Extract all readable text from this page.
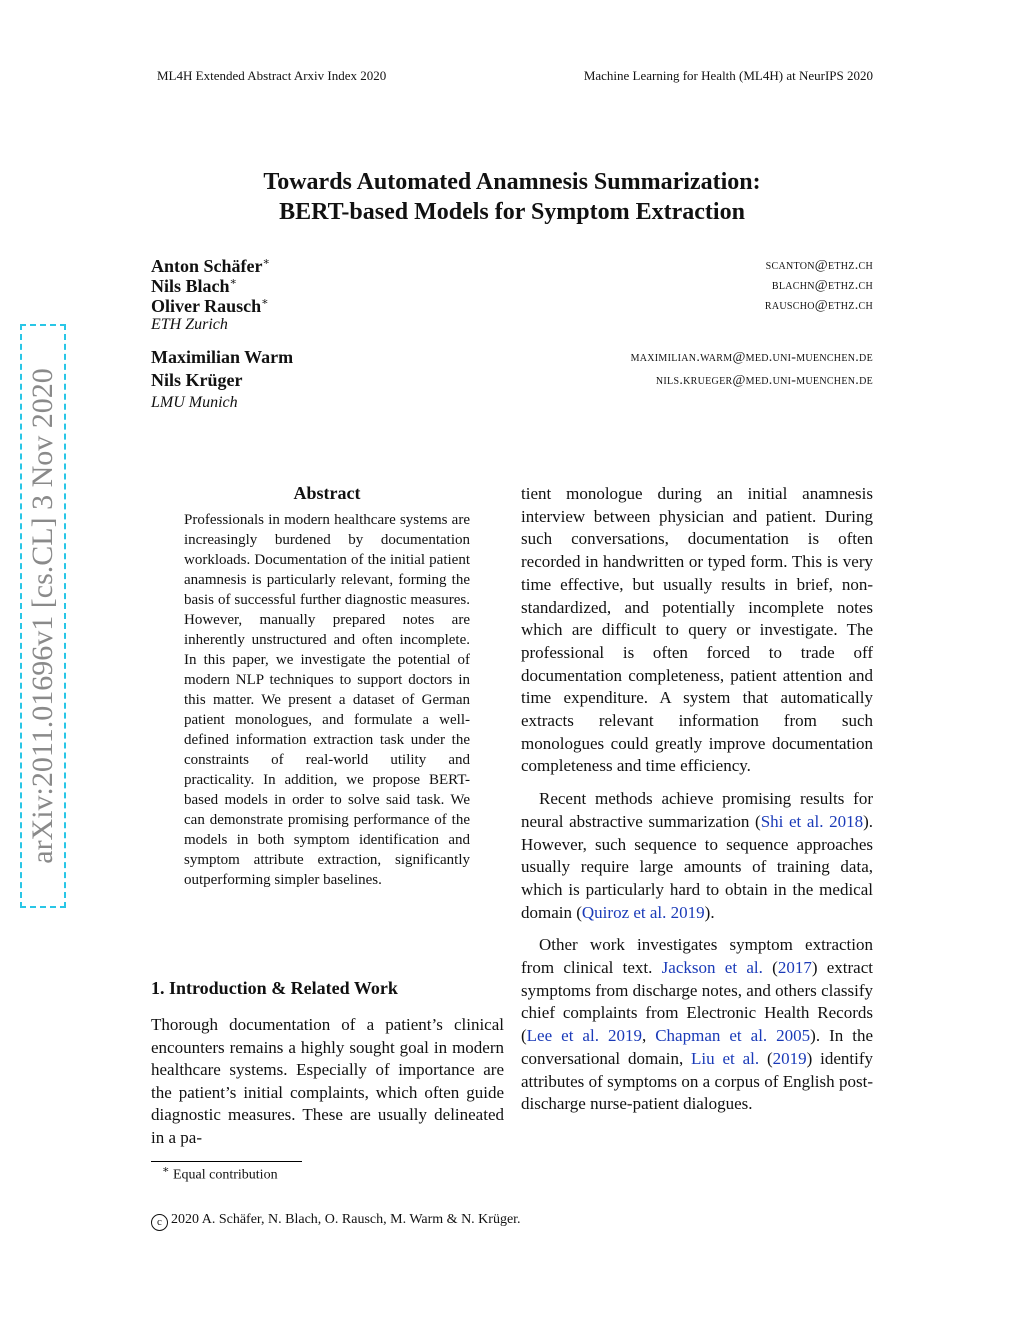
ML4H Extended Abstract Arxiv Index 2020	Machine Learning for Health (ML4H) at NeurIPS 2020
Towards Automated Anamnesis Summarization:
BERT-based Models for Symptom Extraction
Anton Schäfer∗	scanton@ethz.ch
Nils Blach∗	blachn@ethz.ch
Oliver Rausch∗	rauscho@ethz.ch
ETH Zurich
Maximilian Warm	maximilian.warm@med.uni-muenchen.de
Nils Krüger	nils.krueger@med.uni-muenchen.de
LMU Munich
arXiv:2011.01696v1 [cs.CL] 3 Nov 2020	Abstract
Professionals in modern healthcare systems are increasingly burdened by documentation workloads. Documentation of the initial patient anamnesis is particularly relevant, forming the basis of successful further diagnostic measures. However, manually prepared notes are inherently unstructured and often incomplete. In this paper, we investigate the potential of modern NLP techniques to support doctors in this matter. We present a dataset of German patient monologues, and formulate a well-defined information extraction task under the constraints of real-world utility and practicality. In addition, we propose BERT-based models in order to solve said task. We can demonstrate promising performance of the models in both symptom identification and symptom attribute extraction, significantly outperforming simpler baselines.
1. Introduction & Related Work
Thorough documentation of a patient’s clinical encounters remains a highly sought goal in modern healthcare systems. Especially of importance are the patient’s initial complaints, which often guide diagnostic measures. These are usually delineated in a pa-

tient monologue during an initial anamnesis interview between physician and patient. During such conversations, documentation is often recorded in handwritten or typed form. This is very time effective, but usually results in brief, non-standardized, and potentially incomplete notes which are difficult to query or investigate. The professional is often forced to trade off documentation completeness, patient attention and time expenditure. A system that automatically extracts relevant information from such monologues could greatly improve documentation completeness and time efficiency.

Recent methods achieve promising results for neural abstractive summarization (Shi et al. 2018). However, such sequence to sequence approaches usually require large amounts of training data, which is particularly hard to obtain in the medical domain (Quiroz et al. 2019).

Other work investigates symptom extraction from clinical text. Jackson et al. (2017) extract symptoms from discharge notes, and others classify chief complaints from Electronic Health Records (Lee et al. 2019, Chapman et al. 2005). In the conversational domain, Liu et al. (2019) identify attributes of symptoms on a corpus of English post-discharge nurse-patient dialogues.

∗ Equal contribution
c 2020 A. Schäfer, N. Blach, O. Rausch, M. Warm & N. Krüger.
